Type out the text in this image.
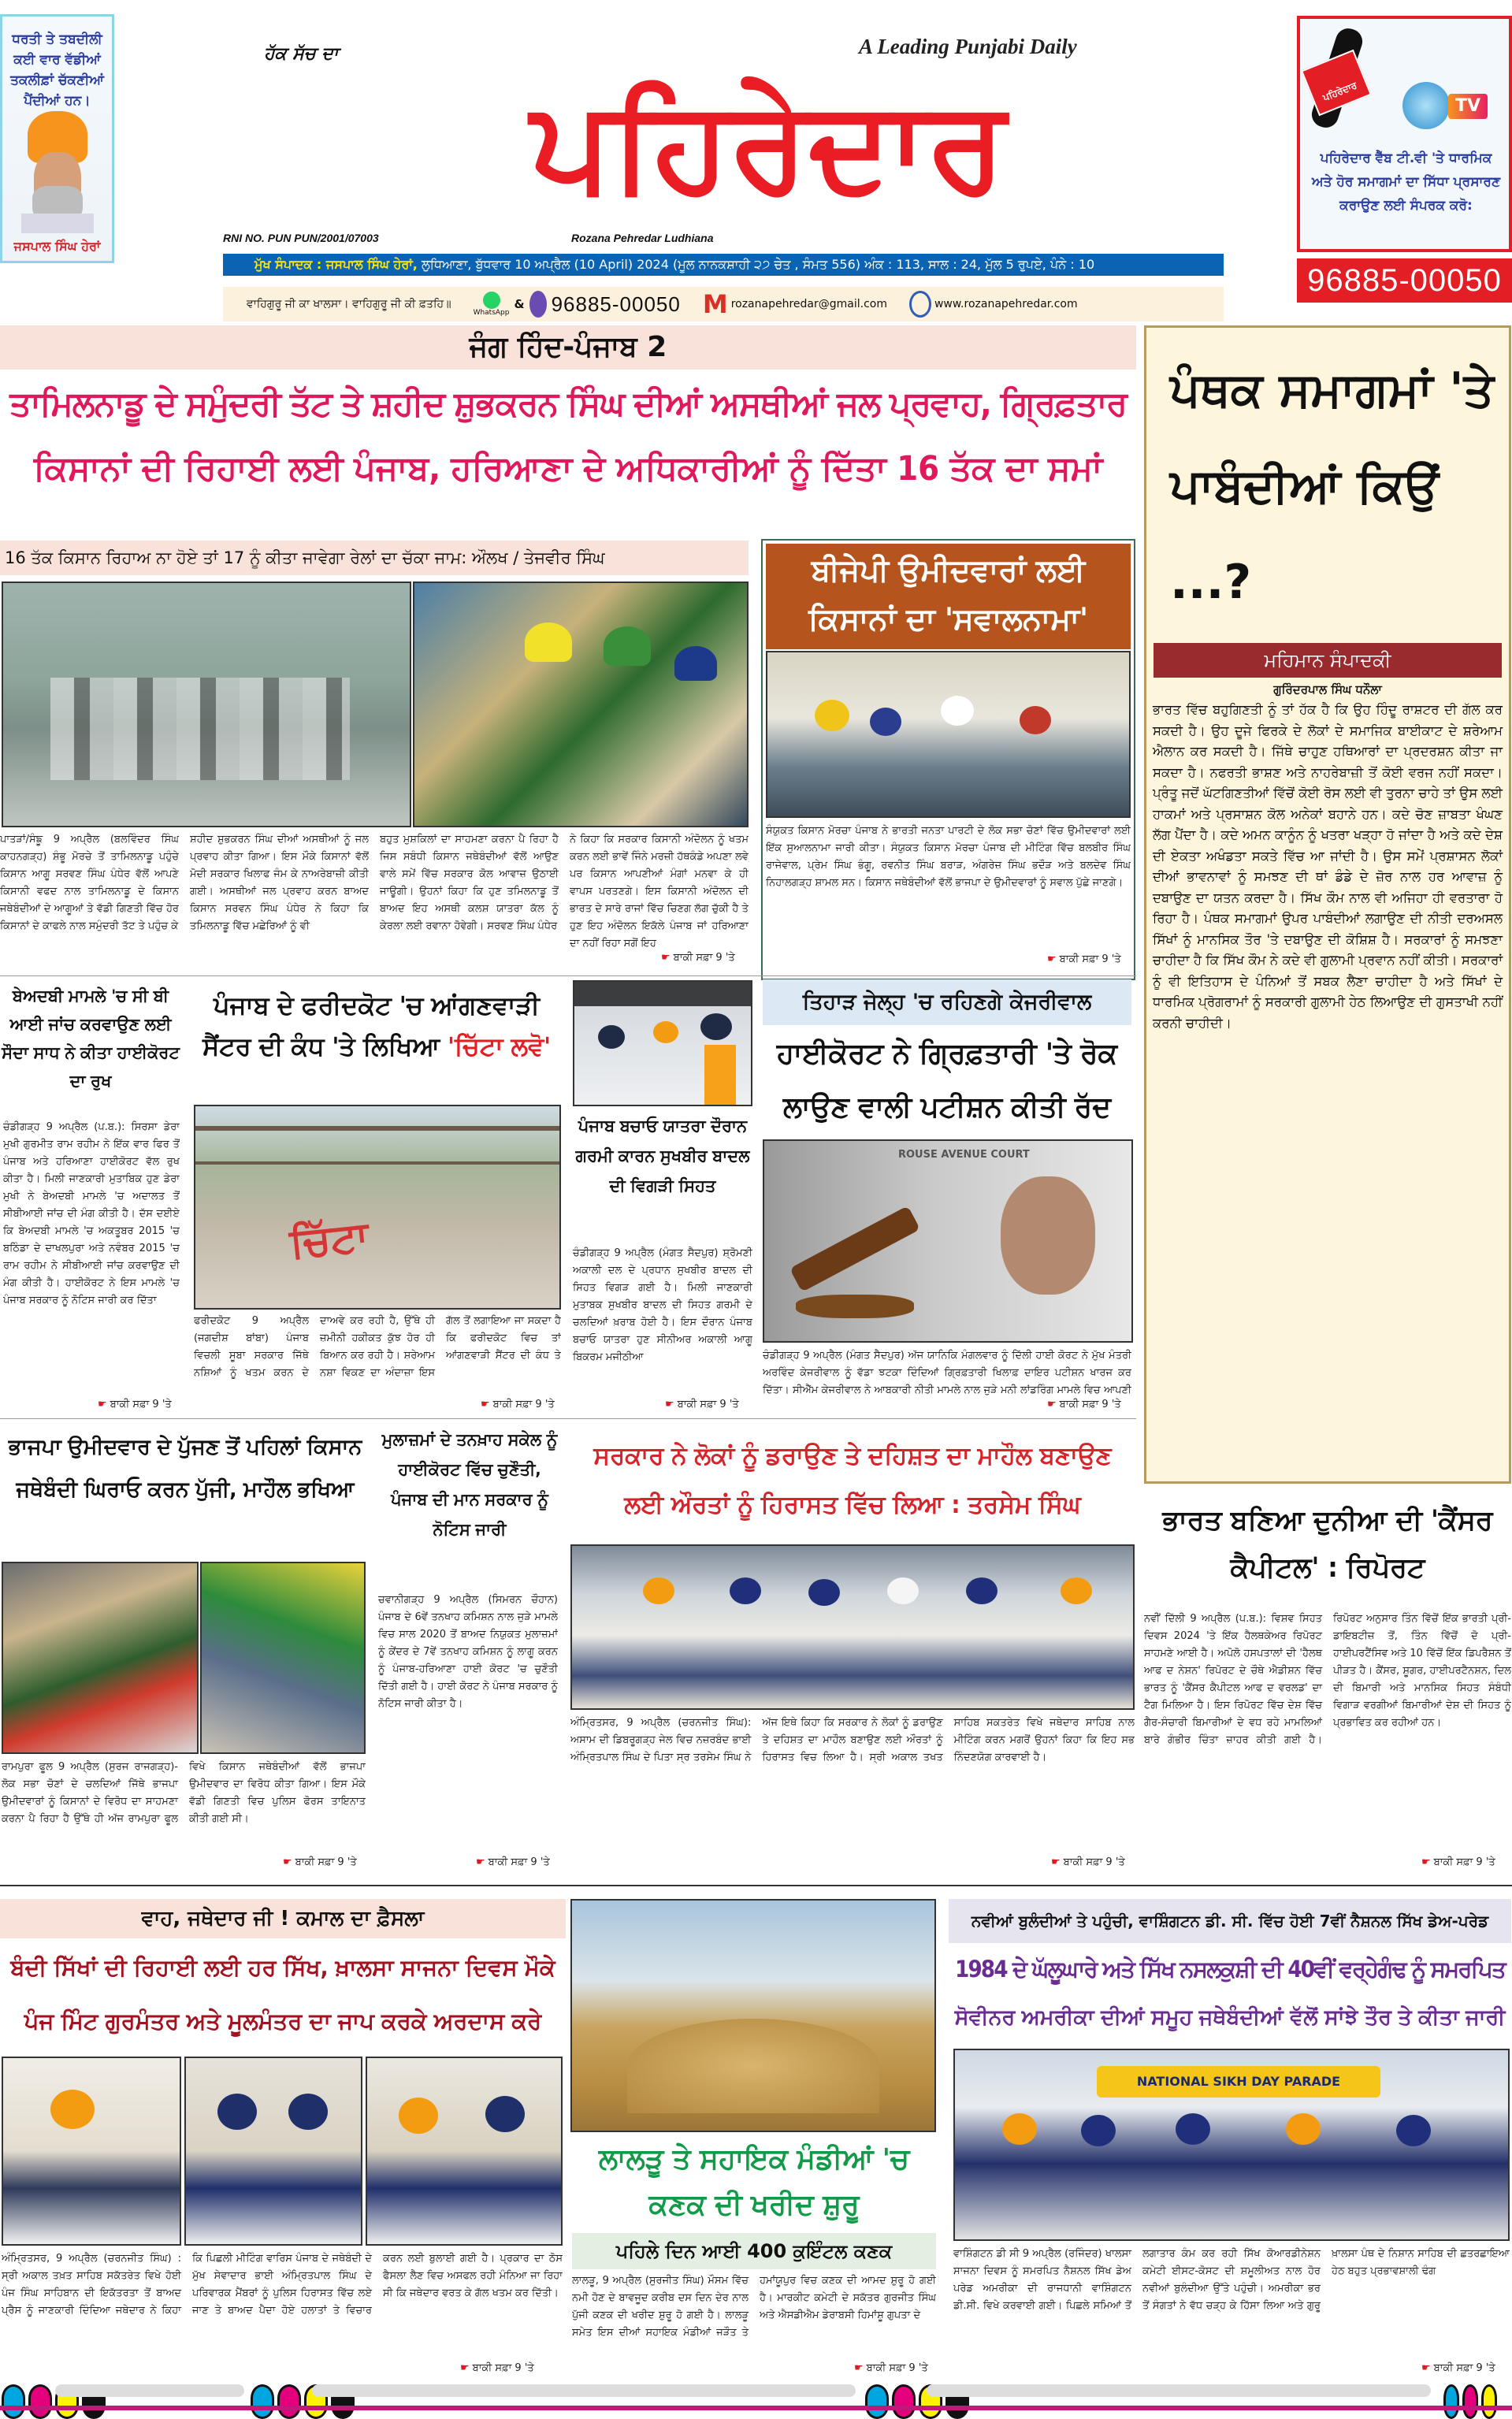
ਧਰਤੀ ਤੇ ਤਬਦੀਲੀ ਕਈ ਵਾਰ ਵੱਡੀਆਂ ਤਕਲੀਫ਼ਾਂ ਚੱਕਣੀਆਂ ਪੈਂਦੀਆਂ ਹਨ।
ਜਸਪਾਲ ਸਿੰਘ ਹੇਰਾਂ
ਹੱਕ ਸੱਚ ਦਾ
ਪਹਿਰੇਦਾਰ
A Leading Punjabi Daily
RNI NO. PUN PUN/2001/07003	Rozana Pehredar Ludhiana
ਮੁੱਖ ਸੰਪਾਦਕ : ਜਸਪਾਲ ਸਿੰਘ ਹੇਰਾਂ, ਲੁਧਿਆਣਾ, ਬੁੱਧਵਾਰ 10 ਅਪ੍ਰੈਲ (10 April) 2024 (ਮੂਲ ਨਾਨਕਸ਼ਾਹੀ ੨੭ ਚੇਤ , ਸੰਮਤ 556) ਅੰਕ : 113, ਸਾਲ : 24, ਮੁੱਲ 5 ਰੁਪਏ, ਪੰਨੇ : 10
ਵਾਹਿਗੁਰੂ ਜੀ ਕਾ ਖਾਲਸਾ। ਵਾਹਿਗੁਰੂ ਜੀ ਕੀ ਫ਼ਤਹਿ॥
WhatsApp
& 96885-00050 M rozanapehredar@gmail.com	www.rozanapehredar.com
ਪਹਿਰੇਦਾਰ
TV
ਪਹਿਰੇਦਾਰ ਵੈੱਬ ਟੀ.ਵੀ 'ਤੇ ਧਾਰਮਿਕ ਅਤੇ ਹੋਰ ਸਮਾਗਮਾਂ ਦਾ ਸਿੱਧਾ ਪ੍ਰਸਾਰਣ ਕਰਾਉਣ ਲਈ ਸੰਪਰਕ ਕਰੋ:
96885-00050
ਜੰਗ ਹਿੰਦ-ਪੰਜਾਬ 2
ਤਾਮਿਲਨਾਡੂ ਦੇ ਸਮੁੰਦਰੀ ਤੱਟ ਤੇ ਸ਼ਹੀਦ ਸ਼ੁਭਕਰਨ ਸਿੰਘ ਦੀਆਂ ਅਸਥੀਆਂ ਜਲ ਪ੍ਰਵਾਹ, ਗ੍ਰਿਫ਼ਤਾਰ
ਕਿਸਾਨਾਂ ਦੀ ਰਿਹਾਈ ਲਈ ਪੰਜਾਬ, ਹਰਿਆਣਾ ਦੇ ਅਧਿਕਾਰੀਆਂ ਨੂੰ ਦਿੱਤਾ 16 ਤੱਕ ਦਾ ਸਮਾਂ
16 ਤੱਕ ਕਿਸਾਨ ਰਿਹਾਅ ਨਾ ਹੋਏ ਤਾਂ 17 ਨੂੰ ਕੀਤਾ ਜਾਵੇਗਾ ਰੇਲਾਂ ਦਾ ਚੱਕਾ ਜਾਮ: ਔਲਖ / ਤੇਜਵੀਰ ਸਿੰਘ
ਪਾਤੜਾਂ/ਸੰਙੂ 9 ਅਪ੍ਰੈਲ (ਬਲਵਿੰਦਰ ਸਿੰਘ ਕਾਹਨਗੜ੍ਹ) ਸ਼ੰਭੂ ਮੋਰਚੇ ਤੋਂ ਤਾਮਿਲਨਾਡੂ ਪਹੁੰਚੇ ਕਿਸਾਨ ਆਗੂ ਸਰਵਣ ਸਿੰਘ ਪੰਧੇਰ ਵੱਲੋਂ ਆਪਣੇ ਕਿਸਾਨੀ ਵਫਦ ਨਾਲ ਤਾਮਿਲਨਾਡੂ ਦੇ ਕਿਸਾਨ ਜਥੇਬੰਦੀਆਂ ਦੇ ਆਗੂਆਂ ਤੇ ਵੱਡੀ ਗਿਣਤੀ ਵਿੱਚ ਹੋਰ ਕਿਸਾਨਾਂ ਦੇ ਕਾਫਲੇ ਨਾਲ ਸਮੁੰਦਰੀ ਤੱਟ ਤੇ ਪਹੁੰਚ ਕੇ
ਸ਼ਹੀਦ ਸ਼ੁਭਕਰਨ ਸਿੰਘ ਦੀਆਂ ਅਸਥੀਆਂ ਨੂੰ ਜਲ ਪ੍ਰਵਾਹ ਕੀਤਾ ਗਿਆ। ਇਸ ਮੌਕੇ ਕਿਸਾਨਾਂ ਵੱਲੋਂ ਮੋਦੀ ਸਰਕਾਰ ਖਿਲਾਫ ਜੰਮ ਕੇ ਨਾਅਰੇਬਾਜ਼ੀ ਕੀਤੀ ਗਈ। ਅਸਥੀਆਂ ਜਲ ਪ੍ਰਵਾਹ ਕਰਨ ਬਾਅਦ ਕਿਸਾਨ ਸਰਵਨ ਸਿੰਘ ਪੰਧੇਰ ਨੇ ਕਿਹਾ ਕਿ ਤਮਿਲਨਾਡੂ ਵਿੱਚ ਮਛੇਰਿਆਂ ਨੂੰ ਵੀ
ਬਹੁਤ ਮੁਸ਼ਕਿਲਾਂ ਦਾ ਸਾਹਮਣਾ ਕਰਨਾ ਪੈ ਰਿਹਾ ਹੈ ਜਿਸ ਸਬੰਧੀ ਕਿਸਾਨ ਜਥੇਬੰਦੀਆਂ ਵੱਲੋਂ ਆਉਣ ਵਾਲੇ ਸਮੇਂ ਵਿੱਚ ਸਰਕਾਰ ਕੋਲ ਆਵਾਜ਼ ਉਠਾਈ ਜਾਊਗੀ। ਉਹਨਾਂ ਕਿਹਾ ਕਿ ਹੁਣ ਤਮਿਲਨਾਡੂ ਤੋਂ ਬਾਅਦ ਇਹ ਅਸਥੀ ਕਲਸ਼ ਯਾਤਰਾ ਕੱਲ ਨੂੰ ਕੇਰਲਾ ਲਈ ਰਵਾਨਾ ਹੋਵੇਗੀ। ਸਰਵਣ ਸਿੰਘ ਪੰਧੇਰ
ਨੇ ਕਿਹਾ ਕਿ ਸਰਕਾਰ ਕਿਸਾਨੀ ਅੰਦੋਲਨ ਨੂੰ ਖਤਮ ਕਰਨ ਲਈ ਭਾਵੇਂ ਜਿੰਨੇ ਮਰਜ਼ੀ ਹੱਥਕੰਡੇ ਅਪਣਾ ਲਵੇ ਪਰ ਕਿਸਾਨ ਆਪਣੀਆਂ ਮੰਗਾਂ ਮਨਵਾ ਕੇ ਹੀ ਵਾਪਸ ਪਰਤਣਗੇ। ਇਸ ਕਿਸਾਨੀ ਅੰਦੋਲਨ ਦੀ ਭਾਰਤ ਦੇ ਸਾਰੇ ਰਾਜਾਂ ਵਿੱਚ ਚਿਣਗ ਲੱਗ ਚੁੱਕੀ ਹੈ ਤੇ ਹੁਣ ਇਹ ਅੰਦੋਲਨ ਇਕੱਲੇ ਪੰਜਾਬ ਜਾਂ ਹਰਿਆਣਾ ਦਾ ਨਹੀਂ ਰਿਹਾ ਸਗੋਂ ਇਹ
☛ ਬਾਕੀ ਸਫ਼ਾ 9 'ਤੇ
ਬੀਜੇਪੀ ਉਮੀਦਵਾਰਾਂ ਲਈ ਕਿਸਾਨਾਂ ਦਾ 'ਸਵਾਲਨਾਮਾ'
ਸੰਯੁਕਤ ਕਿਸਾਨ ਮੋਰਚਾ ਪੰਜਾਬ ਨੇ ਭਾਰਤੀ ਜਨਤਾ ਪਾਰਟੀ ਦੇ ਲੋਕ ਸਭਾ ਚੋਣਾਂ ਵਿੱਚ ਉਮੀਦਵਾਰਾਂ ਲਈ ਇੱਕ ਸੁਆਲਨਾਮਾ ਜਾਰੀ ਕੀਤਾ। ਸੰਯੁਕਤ ਕਿਸਾਨ ਮੋਰਚਾ ਪੰਜਾਬ ਦੀ ਮੀਟਿੰਗ ਵਿੱਚ ਬਲਬੀਰ ਸਿੰਘ ਰਾਜੇਵਾਲ, ਪ੍ਰੇਮ ਸਿੰਘ ਭੰਗੂ, ਰਵਨੀਤ ਸਿੰਘ ਬਰਾੜ, ਅੰਗਰੇਜ਼ ਸਿੰਘ ਭਦੌੜ ਅਤੇ ਬਲਦੇਵ ਸਿੰਘ ਨਿਹਾਲਗੜ੍ਹ ਸ਼ਾਮਲ ਸਨ। ਕਿਸਾਨ ਜਥੇਬੰਦੀਆਂ ਵੱਲੋਂ ਭਾਜਪਾ ਦੇ ਉਮੀਦਵਾਰਾਂ ਨੂੰ ਸਵਾਲ ਪੁੱਛੇ ਜਾਣਗੇ।
☛ ਬਾਕੀ ਸਫ਼ਾ 9 'ਤੇ
ਪੰਥਕ ਸਮਾਗਮਾਂ 'ਤੇ ਪਾਬੰਦੀਆਂ ਕਿਉਂ ...?
ਮਹਿਮਾਨ ਸੰਪਾਦਕੀ
ਗੁਰਿੰਦਰਪਾਲ ਸਿੰਘ ਧਨੌਲਾ
ਭਾਰਤ ਵਿੱਚ ਬਹੁਗਿਣਤੀ ਨੂੰ ਤਾਂ ਹੱਕ ਹੈ ਕਿ ਉਹ ਹਿੰਦੂ ਰਾਸ਼ਟਰ ਦੀ ਗੱਲ ਕਰ ਸਕਦੀ ਹੈ। ਉਹ ਦੂਜੇ ਫਿਰਕੇ ਦੇ ਲੋਕਾਂ ਦੇ ਸਮਾਜਿਕ ਬਾਈਕਾਟ ਦੇ ਸ਼ਰੇਆਮ ਐਲਾਨ ਕਰ ਸਕਦੀ ਹੈ। ਜਿੱਥੇ ਚਾਹੁਣ ਹਥਿਆਰਾਂ ਦਾ ਪ੍ਰਦਰਸ਼ਨ ਕੀਤਾ ਜਾ ਸਕਦਾ ਹੈ। ਨਫਰਤੀ ਭਾਸ਼ਣ ਅਤੇ ਨਾਹਰੇਬਾਜ਼ੀ ਤੋਂ ਕੋਈ ਵਰਜ ਨਹੀਂ ਸਕਦਾ। ਪ੍ਰੰਤੂ ਜਦੋਂ ਘੱਟਗਿਣਤੀਆਂ ਵਿੱਚੋਂ ਕੋਈ ਰੋਸ ਲਈ ਵੀ ਤੁਰਨਾ ਚਾਹੇ ਤਾਂ ਉਸ ਲਈ ਹਾਕਮਾਂ ਅਤੇ ਪ੍ਰਸਾਸ਼ਨ ਕੋਲ ਅਨੇਕਾਂ ਬਹਾਨੇ ਹਨ। ਕਦੇ ਚੋਣ ਜ਼ਾਬਤਾ ਖੰਘਣ ਲੱਗ ਪੈਂਦਾ ਹੈ। ਕਦੇ ਅਮਨ ਕਾਨੂੰਨ ਨੂੰ ਖਤਰਾ ਖੜ੍ਹਾ ਹੋ ਜਾਂਦਾ ਹੈ ਅਤੇ ਕਦੇ ਦੇਸ਼ ਦੀ ਏਕਤਾ ਅਖੰਡਤਾ ਸਕਤੇ ਵਿੱਚ ਆ ਜਾਂਦੀ ਹੈ। ਉਸ ਸਮੇਂ ਪ੍ਰਸ਼ਾਸਨ ਲੋਕਾਂ ਦੀਆਂ ਭਾਵਨਾਵਾਂ ਨੂੰ ਸਮਝਣ ਦੀ ਥਾਂ ਡੰਡੇ ਦੇ ਜ਼ੋਰ ਨਾਲ ਹਰ ਆਵਾਜ਼ ਨੂੰ ਦਬਾਉਣ ਦਾ ਯਤਨ ਕਰਦਾ ਹੈ। ਸਿੱਖ ਕੌਮ ਨਾਲ ਵੀ ਅਜਿਹਾ ਹੀ ਵਰਤਾਰਾ ਹੋ ਰਿਹਾ ਹੈ। ਪੰਥਕ ਸਮਾਗਮਾਂ ਉਪਰ ਪਾਬੰਦੀਆਂ ਲਗਾਉਣ ਦੀ ਨੀਤੀ ਦਰਅਸਲ ਸਿੱਖਾਂ ਨੂੰ ਮਾਨਸਿਕ ਤੌਰ 'ਤੇ ਦਬਾਉਣ ਦੀ ਕੋਸ਼ਿਸ਼ ਹੈ। ਸਰਕਾਰਾਂ ਨੂੰ ਸਮਝਣਾ ਚਾਹੀਦਾ ਹੈ ਕਿ ਸਿੱਖ ਕੌਮ ਨੇ ਕਦੇ ਵੀ ਗੁਲਾਮੀ ਪ੍ਰਵਾਨ ਨਹੀਂ ਕੀਤੀ। ਸਰਕਾਰਾਂ ਨੂੰ ਵੀ ਇਤਿਹਾਸ ਦੇ ਪੰਨਿਆਂ ਤੋਂ ਸਬਕ ਲੈਣਾ ਚਾਹੀਦਾ ਹੈ ਅਤੇ ਸਿੱਖਾਂ ਦੇ ਧਾਰਮਿਕ ਪ੍ਰੋਗਰਾਮਾਂ ਨੂੰ ਸਰਕਾਰੀ ਗੁਲਾਮੀ ਹੇਠ ਲਿਆਉਣ ਦੀ ਗੁਸਤਾਖੀ ਨਹੀਂ ਕਰਨੀ ਚਾਹੀਦੀ।
ਬੇਅਦਬੀ ਮਾਮਲੇ 'ਚ ਸੀ ਬੀ ਆਈ ਜਾਂਚ ਕਰਵਾਉਣ ਲਈ ਸੌਦਾ ਸਾਧ ਨੇ ਕੀਤਾ ਹਾਈਕੋਰਟ ਦਾ ਰੁਖ
ਚੰਡੀਗੜ੍ਹ 9 ਅਪ੍ਰੈਲ (ਪ.ਬ.): ਸਿਰਸਾ ਡੇਰਾ ਮੁਖੀ ਗੁਰਮੀਤ ਰਾਮ ਰਹੀਮ ਨੇ ਇੱਕ ਵਾਰ ਫਿਰ ਤੋਂ ਪੰਜਾਬ ਅਤੇ ਹਰਿਆਣਾ ਹਾਈਕੋਰਟ ਵੱਲ ਰੁਖ ਕੀਤਾ ਹੈ। ਮਿਲੀ ਜਾਣਕਾਰੀ ਮੁਤਾਬਿਕ ਹੁਣ ਡੇਰਾ ਮੁਖੀ ਨੇ ਬੇਅਦਬੀ ਮਾਮਲੇ 'ਚ ਅਦਾਲਤ ਤੋਂ ਸੀਬੀਆਈ ਜਾਂਚ ਦੀ ਮੰਗ ਕੀਤੀ ਹੈ। ਦੱਸ ਦਈਏ ਕਿ ਬੇਅਦਬੀ ਮਾਮਲੇ 'ਚ ਅਕਤੂਬਰ 2015 'ਚ ਬਠਿੰਡਾ ਦੇ ਦਾਖਲਪੁਰਾ ਅਤੇ ਨਵੰਬਰ 2015 'ਚ ਰਾਮ ਰਹੀਮ ਨੇ ਸੀਬੀਆਈ ਜਾਂਚ ਕਰਵਾਉਣ ਦੀ ਮੰਗ ਕੀਤੀ ਹੈ। ਹਾਈਕੋਰਟ ਨੇ ਇਸ ਮਾਮਲੇ 'ਚ ਪੰਜਾਬ ਸਰਕਾਰ ਨੂੰ ਨੋਟਿਸ ਜਾਰੀ ਕਰ ਦਿੱਤਾ
☛ ਬਾਕੀ ਸਫ਼ਾ 9 'ਤੇ
ਪੰਜਾਬ ਦੇ ਫਰੀਦਕੋਟ 'ਚ ਆਂਗਣਵਾੜੀ
ਸੈਂਟਰ ਦੀ ਕੰਧ 'ਤੇ ਲਿਖਿਆ 'ਚਿੱਟਾ ਲਵੋ'
ਚਿੱਟਾ
ਫਰੀਦਕੋਟ 9 ਅਪ੍ਰੈਲ (ਜਗਦੀਸ਼ ਬਾਂਬਾ) ਪੰਜਾਬ ਵਿਚਲੀ ਸੂਬਾ ਸਰਕਾਰ ਜਿੱਥੇ ਨਸ਼ਿਆਂ ਨੂੰ ਖਤਮ ਕਰਨ ਦੇ ਦਾਅਵੇ ਕਰ ਰਹੀ ਹੈ, ਉੱਥੇ ਹੀ ਜ਼ਮੀਨੀ ਹਕੀਕਤ ਕੁੱਝ ਹੋਰ ਹੀ ਬਿਆਨ ਕਰ ਰਹੀ ਹੈ। ਸ਼ਰੇਆਮ ਨਸ਼ਾ ਵਿਕਣ ਦਾ ਅੰਦਾਜ਼ਾ ਇਸ ਗੱਲ ਤੋਂ ਲਗਾਇਆ ਜਾ ਸਕਦਾ ਹੈ ਕਿ ਫਰੀਦਕੋਟ ਵਿਚ ਤਾਂ ਆਂਗਣਵਾੜੀ ਸੈਂਟਰ ਦੀ ਕੰਧ ਤੇ
☛ ਬਾਕੀ ਸਫ਼ਾ 9 'ਤੇ
ਪੰਜਾਬ ਬਚਾਓ ਯਾਤਰਾ ਦੌਰਾਨ ਗਰਮੀ ਕਾਰਨ ਸੁਖਬੀਰ ਬਾਦਲ ਦੀ ਵਿਗੜੀ ਸਿਹਤ
ਚੰਡੀਗੜ੍ਹ 9 ਅਪ੍ਰੈਲ (ਮੰਗਤ ਸੈਦਪੁਰ) ਸ਼੍ਰੋਮਣੀ ਅਕਾਲੀ ਦਲ ਦੇ ਪ੍ਰਧਾਨ ਸੁਖਬੀਰ ਬਾਦਲ ਦੀ ਸਿਹਤ ਵਿਗੜ ਗਈ ਹੈ। ਮਿਲੀ ਜਾਣਕਾਰੀ ਮੁਤਾਬਕ ਸੁਖਬੀਰ ਬਾਦਲ ਦੀ ਸਿਹਤ ਗਰਮੀ ਦੇ ਚਲਦਿਆਂ ਖ਼ਰਾਬ ਹੋਈ ਹੈ। ਇਸ ਦੌਰਾਨ ਪੰਜਾਬ ਬਚਾਓ ਯਾਤਰਾ ਹੁਣ ਸੀਨੀਅਰ ਅਕਾਲੀ ਆਗੂ ਬਿਕਰਮ ਮਜੀਠੀਆ
☛ ਬਾਕੀ ਸਫ਼ਾ 9 'ਤੇ
ਤਿਹਾੜ ਜੇਲ੍ਹ 'ਚ ਰਹਿਣਗੇ ਕੇਜਰੀਵਾਲ
ਹਾਈਕੋਰਟ ਨੇ ਗ੍ਰਿਫ਼ਤਾਰੀ 'ਤੇ ਰੋਕ ਲਾਉਣ ਵਾਲੀ ਪਟੀਸ਼ਨ ਕੀਤੀ ਰੱਦ
ROUSE AVENUE COURT
ਚੰਡੀਗੜ੍ਹ 9 ਅਪ੍ਰੈਲ (ਮੰਗਤ ਸੈਦਪੁਰ) ਅੱਜ ਯਾਨਿਕਿ ਮੰਗਲਵਾਰ ਨੂੰ ਦਿੱਲੀ ਹਾਈ ਕੋਰਟ ਨੇ ਮੁੱਖ ਮੰਤਰੀ ਅਰਵਿੰਦ ਕੇਜਰੀਵਾਲ ਨੂੰ ਵੱਡਾ ਝਟਕਾ ਦਿੰਦਿਆਂ ਗ੍ਰਿਫ਼ਤਾਰੀ ਖਿਲਾਫ਼ ਦਾਇਰ ਪਟੀਸ਼ਨ ਖਾਰਜ ਕਰ ਦਿੱਤਾ। ਸੀਐੱਮ ਕੇਜਰੀਵਾਲ ਨੇ ਆਬਕਾਰੀ ਨੀਤੀ ਮਾਮਲੇ ਨਾਲ ਜੁੜੇ ਮਨੀ ਲਾਂਡਰਿੰਗ ਮਾਮਲੇ ਵਿਚ ਆਪਣੀ
☛ ਬਾਕੀ ਸਫ਼ਾ 9 'ਤੇ
ਭਾਜਪਾ ਉਮੀਦਵਾਰ ਦੇ ਪੁੱਜਣ ਤੋਂ ਪਹਿਲਾਂ ਕਿਸਾਨ ਜਥੇਬੰਦੀ ਘਿਰਾਓ ਕਰਨ ਪੁੱਜੀ, ਮਾਹੌਲ ਭਖਿਆ
ਰਾਮਪੁਰਾ ਫੂਲ 9 ਅਪ੍ਰੈਲ (ਸੁਰਜ ਰਾਜਗੜ੍ਹ)- ਲੋਕ ਸਭਾ ਚੋਣਾਂ ਦੇ ਚਲਦਿਆਂ ਜਿੱਥੇ ਭਾਜਪਾ ਉਮੀਦਵਾਰਾਂ ਨੂੰ ਕਿਸਾਨਾਂ ਦੇ ਵਿਰੋਧ ਦਾ ਸਾਹਮਣਾ ਕਰਨਾ ਪੈ ਰਿਹਾ ਹੈ ਉੱਥੇ ਹੀ ਅੱਜ ਰਾਮਪੁਰਾ ਫੂਲ ਵਿਖੇ ਕਿਸਾਨ ਜਥੇਬੰਦੀਆਂ ਵੱਲੋਂ ਭਾਜਪਾ ਉਮੀਦਵਾਰ ਦਾ ਵਿਰੋਧ ਕੀਤਾ ਗਿਆ। ਇਸ ਮੌਕੇ ਵੱਡੀ ਗਿਣਤੀ ਵਿਚ ਪੁਲਿਸ ਫੋਰਸ ਤਾਇਨਾਤ ਕੀਤੀ ਗਈ ਸੀ।
☛ ਬਾਕੀ ਸਫ਼ਾ 9 'ਤੇ
ਮੁਲਾਜ਼ਮਾਂ ਦੇ ਤਨਖ਼ਾਹ ਸਕੇਲ ਨੂੰ ਹਾਈਕੋਰਟ ਵਿੱਚ ਚੁਣੌਤੀ, ਪੰਜਾਬ ਦੀ ਮਾਨ ਸਰਕਾਰ ਨੂੰ ਨੋਟਿਸ ਜਾਰੀ
ਚਵਾਨੀਗੜ੍ਹ 9 ਅਪ੍ਰੈਲ (ਸਿਮਰਨ ਚੌਹਾਨ) ਪੰਜਾਬ ਦੇ 6ਵੇਂ ਤਨਖਾਹ ਕਮਿਸ਼ਨ ਨਾਲ ਜੁੜੇ ਮਾਮਲੇ ਵਿਚ ਸਾਲ 2020 ਤੋਂ ਬਾਅਦ ਨਿਯੁਕਤ ਮੁਲਾਜ਼ਮਾਂ ਨੂੰ ਕੇਂਦਰ ਦੇ 7ਵੇਂ ਤਨਖਾਹ ਕਮਿਸ਼ਨ ਨੂੰ ਲਾਗੂ ਕਰਨ ਨੂੰ ਪੰਜਾਬ-ਹਰਿਆਣਾ ਹਾਈ ਕੋਰਟ 'ਚ ਚੁਣੌਤੀ ਦਿੱਤੀ ਗਈ ਹੈ। ਹਾਈ ਕੋਰਟ ਨੇ ਪੰਜਾਬ ਸਰਕਾਰ ਨੂੰ ਨੋਟਿਸ ਜਾਰੀ ਕੀਤਾ ਹੈ।
☛ ਬਾਕੀ ਸਫ਼ਾ 9 'ਤੇ
ਸਰਕਾਰ ਨੇ ਲੋਕਾਂ ਨੂੰ ਡਰਾਉਣ ਤੇ ਦਹਿਸ਼ਤ ਦਾ ਮਾਹੌਲ ਬਣਾਉਣ
ਲਈ ਔਰਤਾਂ ਨੂੰ ਹਿਰਾਸਤ ਵਿੱਚ ਲਿਆ : ਤਰਸੇਮ ਸਿੰਘ
ਅੰਮ੍ਰਿਤਸਰ, 9 ਅਪ੍ਰੈਲ (ਚਰਨਜੀਤ ਸਿੰਘ): ਅਸਾਮ ਦੀ ਡਿਬਰੂਗੜ੍ਹ ਜੇਲ ਵਿਚ ਨਜ਼ਰਬੰਦ ਭਾਈ ਅੰਮ੍ਰਿਤਪਾਲ ਸਿੰਘ ਦੇ ਪਿਤਾ ਸ੍ਰ ਤਰਸੇਮ ਸਿੰਘ ਨੇ ਅੱਜ ਇਥੇ ਕਿਹਾ ਕਿ ਸਰਕਾਰ ਨੇ ਲੋਕਾਂ ਨੂੰ ਡਰਾਉਣ ਤੇ ਦਹਿਸ਼ਤ ਦਾ ਮਾਹੌਲ ਬਣਾਉਣ ਲਈ ਔਰਤਾਂ ਨੂੰ ਹਿਰਾਸਤ ਵਿਚ ਲਿਆ ਹੈ। ਸ੍ਰੀ ਅਕਾਲ ਤਖਤ ਸਾਹਿਬ ਸਕਤਰੇਤ ਵਿਖੇ ਜਥੇਦਾਰ ਸਾਹਿਬ ਨਾਲ ਮੀਟਿੰਗ ਕਰਨ ਮਗਰੋਂ ਉਹਨਾਂ ਕਿਹਾ ਕਿ ਇਹ ਸਭ ਨਿੰਦਣਯੋਗ ਕਾਰਵਾਈ ਹੈ।
☛ ਬਾਕੀ ਸਫ਼ਾ 9 'ਤੇ
ਭਾਰਤ ਬਣਿਆ ਦੁਨੀਆ ਦੀ 'ਕੈਂਸਰ ਕੈਪੀਟਲ' : ਰਿਪੋਰਟ
ਨਵੀਂ ਦਿੱਲੀ 9 ਅਪ੍ਰੈਲ (ਪ.ਬ.): ਵਿਸ਼ਵ ਸਿਹਤ ਦਿਵਸ 2024 'ਤੇ ਇੱਕ ਹੈਲਥਕੇਅਰ ਰਿਪੋਰਟ ਸਾਹਮਣੇ ਆਈ ਹੈ। ਅਪੋਲੋ ਹਸਪਤਾਲਾਂ ਦੀ 'ਹੈਲਥ ਆਫ ਦ ਨੇਸ਼ਨ' ਰਿਪੋਰਟ ਦੇ ਚੌਥੇ ਐਡੀਸ਼ਨ ਵਿੱਚ ਭਾਰਤ ਨੂੰ 'ਕੈਂਸਰ ਕੈਪੀਟਲ ਆਫ ਦ ਵਰਲਡ' ਦਾ ਟੈਗ ਮਿਲਿਆ ਹੈ। ਇਸ ਰਿਪੋਰਟ ਵਿੱਚ ਦੇਸ਼ ਵਿੱਚ ਗੈਰ-ਸੰਚਾਰੀ ਬਿਮਾਰੀਆਂ ਦੇ ਵਧ ਰਹੇ ਮਾਮਲਿਆਂ ਬਾਰੇ ਗੰਭੀਰ ਚਿੰਤਾ ਜ਼ਾਹਰ ਕੀਤੀ ਗਈ ਹੈ। ਰਿਪੋਰਟ ਅਨੁਸਾਰ ਤਿੰਨ ਵਿੱਚੋਂ ਇੱਕ ਭਾਰਤੀ ਪ੍ਰੀ-ਡਾਇਬਟੀਜ਼ ਤੋਂ, ਤਿੰਨ ਵਿੱਚੋਂ ਦੋ ਪ੍ਰੀ-ਹਾਈਪਰਟੈਂਸਿਵ ਅਤੇ 10 ਵਿੱਚੋਂ ਇੱਕ ਡਿਪਰੈਸ਼ਨ ਤੋਂ ਪੀੜਤ ਹੈ। ਕੈਂਸਰ, ਸ਼ੂਗਰ, ਹਾਈਪਰਟੈਨਸ਼ਨ, ਦਿਲ ਦੀ ਬਿਮਾਰੀ ਅਤੇ ਮਾਨਸਿਕ ਸਿਹਤ ਸੰਬੰਧੀ ਵਿਗਾੜ ਵਰਗੀਆਂ ਬਿਮਾਰੀਆਂ ਦੇਸ਼ ਦੀ ਸਿਹਤ ਨੂੰ ਪ੍ਰਭਾਵਿਤ ਕਰ ਰਹੀਆਂ ਹਨ।
☛ ਬਾਕੀ ਸਫ਼ਾ 9 'ਤੇ
ਵਾਹ, ਜਥੇਦਾਰ ਜੀ ! ਕਮਾਲ ਦਾ ਫ਼ੈਸਲਾ
ਬੰਦੀ ਸਿੱਖਾਂ ਦੀ ਰਿਹਾਈ ਲਈ ਹਰ ਸਿੱਖ, ਖ਼ਾਲਸਾ ਸਾਜਨਾ ਦਿਵਸ ਮੌਕੇ
ਪੰਜ ਮਿੰਟ ਗੁਰਮੰਤਰ ਅਤੇ ਮੂਲਮੰਤਰ ਦਾ ਜਾਪ ਕਰਕੇ ਅਰਦਾਸ ਕਰੇ
ਅੰਮ੍ਰਿਤਸਰ, 9 ਅਪ੍ਰੈਲ (ਚਰਨਜੀਤ ਸਿੰਘ) : ਸ੍ਰੀ ਅਕਾਲ ਤਖ਼ਤ ਸਾਹਿਬ ਸਕੱਤਰੇਤ ਵਿਖੇ ਹੋਈ ਪੰਜ ਸਿੰਘ ਸਾਹਿਬਾਨ ਦੀ ਇਕੱਤਰਤਾ ਤੋਂ ਬਾਅਦ ਪ੍ਰੈਸ ਨੂੰ ਜਾਣਕਾਰੀ ਦਿੰਦਿਆ ਜਥੇਦਾਰ ਨੇ ਕਿਹਾ ਕਿ ਪਿਛਲੀ ਮੀਟਿੰਗ ਵਾਰਿਸ ਪੰਜਾਬ ਦੇ ਜਥੇਬੰਦੀ ਦੇ ਮੁੱਖ ਸੇਵਾਦਾਰ ਭਾਈ ਅੰਮ੍ਰਿਤਪਾਲ ਸਿੰਘ ਦੇ ਪਰਿਵਾਰਕ ਮੈਂਬਰਾਂ ਨੂੰ ਪੁਲਿਸ ਹਿਰਾਸਤ ਵਿੱਚ ਲਏ ਜਾਣ ਤੇ ਬਾਅਦ ਪੈਦਾ ਹੋਏ ਹਲਾਤਾਂ ਤੇ ਵਿਚਾਰ ਕਰਨ ਲਈ ਬੁਲਾਈ ਗਈ ਹੈ। ਪ੍ਰਕਾਰ ਦਾ ਠੋਸ ਫੈਸਲਾ ਲੈਣ ਵਿਚ ਅਸਫਲ ਰਹੀ ਮੰਨਿਆ ਜਾ ਰਿਹਾ ਸੀ ਕਿ ਜਥੇਦਾਰ ਵਰਤ ਕੇ ਗੱਲ ਖਤਮ ਕਰ ਦਿੱਤੀ।
☛ ਬਾਕੀ ਸਫ਼ਾ 9 'ਤੇ
ਲਾਲੜੂ ਤੇ ਸਹਾਇਕ ਮੰਡੀਆਂ 'ਚ ਕਣਕ ਦੀ ਖਰੀਦ ਸ਼ੁਰੂ
ਪਹਿਲੇ ਦਿਨ ਆਈ 400 ਕੁਇੰਟਲ ਕਣਕ
ਲਾਲੜੂ, 9 ਅਪ੍ਰੈਲ (ਸੁਰਜੀਤ ਸਿੰਘ) ਮੌਸਮ ਵਿੱਚ ਨਮੀ ਹੋਣ ਦੇ ਬਾਵਜੂਦ ਕਰੀਬ ਦਸ ਦਿਨ ਦੇਰ ਨਾਲ ਪੁੱਜੀ ਕਣਕ ਦੀ ਖਰੀਦ ਸ਼ੁਰੂ ਹੋ ਗਈ ਹੈ। ਲਾਲੜੂ ਸਮੇਤ ਇਸ ਦੀਆਂ ਸਹਾਇਕ ਮੰਡੀਆਂ ਜੜੌਤ ਤੇ ਹਮਾਂਯੂਪੁਰ ਵਿਚ ਕਣਕ ਦੀ ਆਮਦ ਸ਼ੁਰੂ ਹੋ ਗਈ ਹੈ। ਮਾਰਕੀਟ ਕਮੇਟੀ ਦੇ ਸਕੱਤਰ ਗੁਰਜੀਤ ਸਿੰਘ ਅਤੇ ਐਸਡੀਐਮ ਡੇਰਾਬਸੀ ਹਿਮਾਂਸ਼ੂ ਗੁਪਤਾ ਦੇ
☛ ਬਾਕੀ ਸਫ਼ਾ 9 'ਤੇ
ਨਵੀਆਂ ਬੁਲੰਦੀਆਂ ਤੇ ਪਹੁੰਚੀ, ਵਾਸ਼ਿੰਗਟਨ ਡੀ. ਸੀ. ਵਿੱਚ ਹੋਈ 7ਵੀਂ ਨੈਸ਼ਨਲ ਸਿੱਖ ਡੇਅ-ਪਰੇਡ
1984 ਦੇ ਘੱਲੂਘਾਰੇ ਅਤੇ ਸਿੱਖ ਨਸਲਕੁਸ਼ੀ ਦੀ 40ਵੀਂ ਵਰ੍ਹੇਗੰਢ ਨੂੰ ਸਮਰਪਿਤ
ਸੋਵੀਨਰ ਅਮਰੀਕਾ ਦੀਆਂ ਸਮੂਹ ਜਥੇਬੰਦੀਆਂ ਵੱਲੋਂ ਸਾਂਝੇ ਤੌਰ ਤੇ ਕੀਤਾ ਜਾਰੀ
NATIONAL SIKH DAY PARADE
ਵਾਸ਼ਿੰਗਟਨ ਡੀ ਸੀ 9 ਅਪ੍ਰੈਲ (ਰਜਿੰਦਰ) ਖਾਲਸਾ ਸਾਜਨਾ ਦਿਵਸ ਨੂੰ ਸਮਰਪਿਤ ਨੈਸ਼ਨਲ ਸਿੱਖ ਡੇਅ ਪਰੇਡ ਅਮਰੀਕਾ ਦੀ ਰਾਜਧਾਨੀ ਵਾਸ਼ਿੰਗਟਨ ਡੀ.ਸੀ. ਵਿਖੇ ਕਰਵਾਈ ਗਈ। ਪਿਛਲੇ ਸਮਿਆਂ ਤੋਂ ਲਗਾਤਾਰ ਕੰਮ ਕਰ ਰਹੀ ਸਿੱਖ ਕੋਆਰਡੀਨੇਸ਼ਨ ਕਮੇਟੀ ਈਸਟ-ਕੋਸਟ ਦੀ ਸ਼ਮੂਲੀਅਤ ਨਾਲ ਹੋਰ ਨਵੀਆਂ ਬੁਲੰਦੀਆ ਉੱਤੇ ਪਹੁੰਚੀ। ਅਮਰੀਕਾ ਭਰ ਤੋਂ ਸੰਗਤਾਂ ਨੇ ਵੱਧ ਚੜ੍ਹ ਕੇ ਹਿੱਸਾ ਲਿਆ ਅਤੇ ਗੁਰੂ ਖ਼ਾਲਸਾ ਪੰਥ ਦੇ ਨਿਸ਼ਾਨ ਸਾਹਿਬ ਦੀ ਛਤਰਛਾਇਆ ਹੇਠ ਬਹੁਤ ਪ੍ਰਭਾਵਸ਼ਾਲੀ ਢੰਗ
☛ ਬਾਕੀ ਸਫ਼ਾ 9 'ਤੇ
